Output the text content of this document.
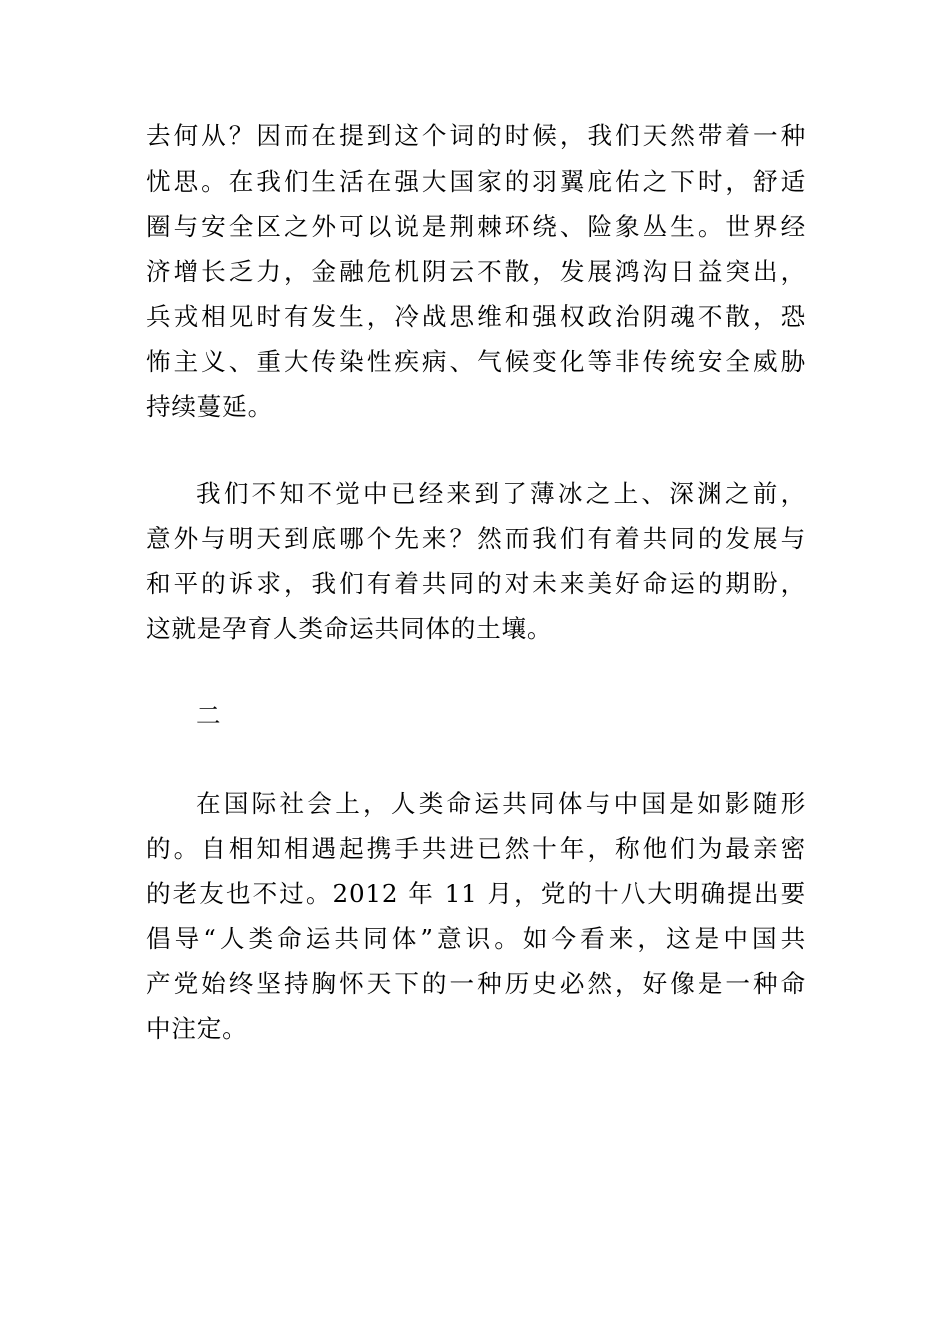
去何从？因而在提到这个词的时候，我们天然带着一种
忧思。在我们生活在强大国家的羽翼庇佑之下时，舒适
圈与安全区之外可以说是荆棘环绕、险象丛生。世界经
济增长乏力，金融危机阴云不散，发展鸿沟日益突出，
兵戎相见时有发生，冷战思维和强权政治阴魂不散，恐
怖主义、重大传染性疾病、气候变化等非传统安全威胁
持续蔓延。
我们不知不觉中已经来到了薄冰之上、深渊之前，
意外与明天到底哪个先来？然而我们有着共同的发展与
和平的诉求，我们有着共同的对未来美好命运的期盼，
这就是孕育人类命运共同体的土壤。
二
在国际社会上，人类命运共同体与中国是如影随形
的。自相知相遇起携手共进已然十年，称他们为最亲密
的老友也不过。2012 年 11 月，党的十八大明确提出要
倡导“人类命运共同体”意识。如今看来，这是中国共
产党始终坚持胸怀天下的一种历史必然，好像是一种命
中注定。
